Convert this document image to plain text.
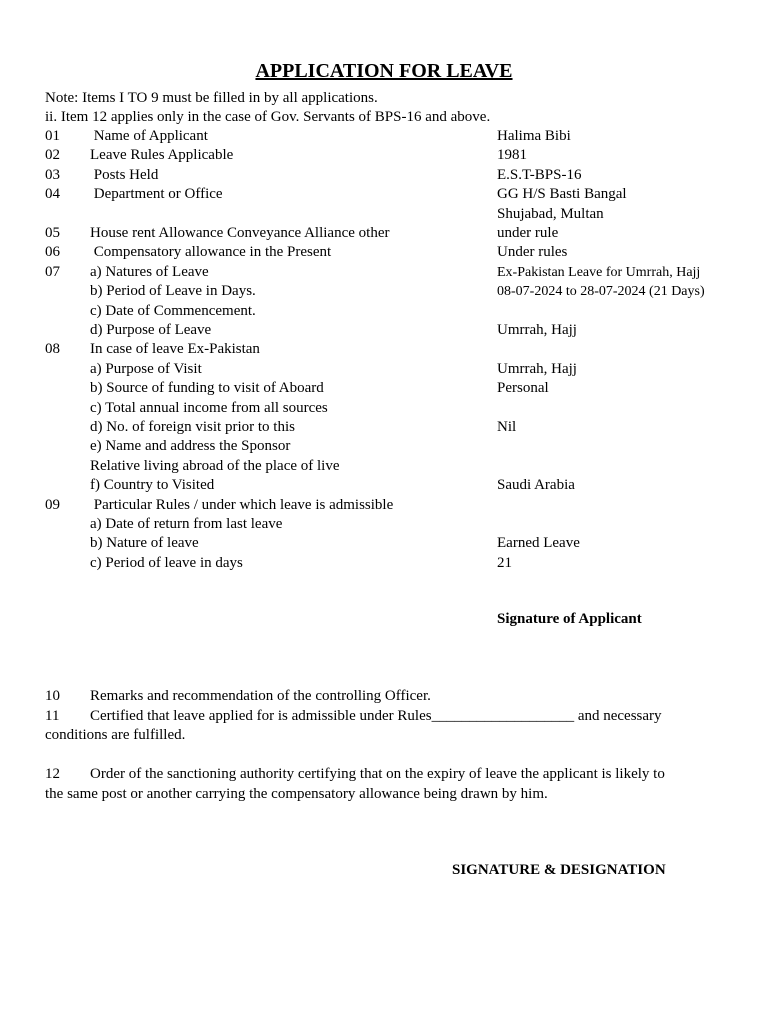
APPLICATION FOR LEAVE
Note: Items I TO 9 must be filled in by all applications.
ii. Item 12 applies only in the case of Gov. Servants of BPS-16 and above.
01 Name of Applicant	Halima Bibi
02 Leave Rules Applicable	1981
03 Posts Held	E.S.T-BPS-16
04 Department or Office	GG H/S Basti Bangal
Shujabad, Multan
05 House rent Allowance Conveyance Alliance other	under rule
06 Compensatory allowance in the Present	Under rules
07 a) Natures of Leave	Ex-Pakistan Leave for Umrrah, Hajj
b) Period of Leave in Days.	08-07-2024 to 28-07-2024 (21 Days)
c) Date of Commencement.
d) Purpose of Leave	Umrrah, Hajj
08 In case of leave Ex-Pakistan
a) Purpose of Visit	Umrrah, Hajj
b) Source of funding to visit of Aboard	Personal
c) Total annual income from all sources
d) No. of foreign visit prior to this	Nil
e) Name and address the Sponsor
Relative living abroad of the place of live
f) Country to Visited	Saudi Arabia
09 Particular Rules / under which leave is admissible
a) Date of return from last leave
b) Nature of leave	Earned Leave
c) Period of leave in days	21
Signature of Applicant
10 Remarks and recommendation of the controlling Officer.
11 Certified that leave applied for is admissible under Rules___________________ and necessary
conditions are fulfilled.
12 Order of the sanctioning authority certifying that on the expiry of leave the applicant is likely to
the same post or another carrying the compensatory allowance being drawn by him.
SIGNATURE & DESIGNATION
